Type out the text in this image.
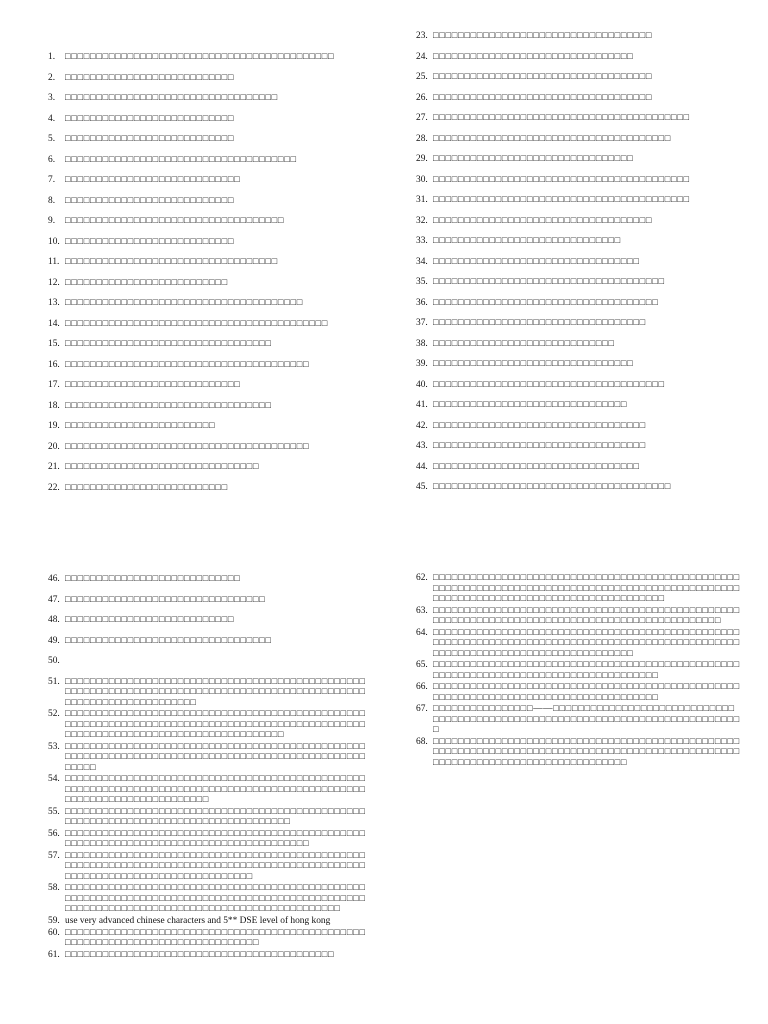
1.	□□□□□□□□□□□□□□□□□□□□□□□□□□□□□□□□□□□□□□□□□□□
2.	□□□□□□□□□□□□□□□□□□□□□□□□□□□
3.	□□□□□□□□□□□□□□□□□□□□□□□□□□□□□□□□□□
4.	□□□□□□□□□□□□□□□□□□□□□□□□□□□
5.	□□□□□□□□□□□□□□□□□□□□□□□□□□□
6.	□□□□□□□□□□□□□□□□□□□□□□□□□□□□□□□□□□□□□
7.	□□□□□□□□□□□□□□□□□□□□□□□□□□□□
8.	□□□□□□□□□□□□□□□□□□□□□□□□□□□
9.	□□□□□□□□□□□□□□□□□□□□□□□□□□□□□□□□□□□
10. □□□□□□□□□□□□□□□□□□□□□□□□□□□
11. □□□□□□□□□□□□□□□□□□□□□□□□□□□□□□□□□□
12. □□□□□□□□□□□□□□□□□□□□□□□□□□
13. □□□□□□□□□□□□□□□□□□□□□□□□□□□□□□□□□□□□□□
14. □□□□□□□□□□□□□□□□□□□□□□□□□□□□□□□□□□□□□□□□□□
15. □□□□□□□□□□□□□□□□□□□□□□□□□□□□□□□□□
16. □□□□□□□□□□□□□□□□□□□□□□□□□□□□□□□□□□□□□□□
17. □□□□□□□□□□□□□□□□□□□□□□□□□□□□
18. □□□□□□□□□□□□□□□□□□□□□□□□□□□□□□□□□
19. □□□□□□□□□□□□□□□□□□□□□□□□
20. □□□□□□□□□□□□□□□□□□□□□□□□□□□□□□□□□□□□□□□
21. □□□□□□□□□□□□□□□□□□□□□□□□□□□□□□□
22. □□□□□□□□□□□□□□□□□□□□□□□□□□
23. □□□□□□□□□□□□□□□□□□□□□□□□□□□□□□□□□□□
24. □□□□□□□□□□□□□□□□□□□□□□□□□□□□□□□□
25. □□□□□□□□□□□□□□□□□□□□□□□□□□□□□□□□□□□
26. □□□□□□□□□□□□□□□□□□□□□□□□□□□□□□□□□□□
27. □□□□□□□□□□□□□□□□□□□□□□□□□□□□□□□□□□□□□□□□□
28. □□□□□□□□□□□□□□□□□□□□□□□□□□□□□□□□□□□□□□
29. □□□□□□□□□□□□□□□□□□□□□□□□□□□□□□□□
30. □□□□□□□□□□□□□□□□□□□□□□□□□□□□□□□□□□□□□□□□□
31. □□□□□□□□□□□□□□□□□□□□□□□□□□□□□□□□□□□□□□□□□
32. □□□□□□□□□□□□□□□□□□□□□□□□□□□□□□□□□□□
33. □□□□□□□□□□□□□□□□□□□□□□□□□□□□□□
34. □□□□□□□□□□□□□□□□□□□□□□□□□□□□□□□□□
35. □□□□□□□□□□□□□□□□□□□□□□□□□□□□□□□□□□□□□
36. □□□□□□□□□□□□□□□□□□□□□□□□□□□□□□□□□□□□
37. □□□□□□□□□□□□□□□□□□□□□□□□□□□□□□□□□□
38. □□□□□□□□□□□□□□□□□□□□□□□□□□□□□
39. □□□□□□□□□□□□□□□□□□□□□□□□□□□□□□□□
40. □□□□□□□□□□□□□□□□□□□□□□□□□□□□□□□□□□□□□
41. □□□□□□□□□□□□□□□□□□□□□□□□□□□□□□□
42. □□□□□□□□□□□□□□□□□□□□□□□□□□□□□□□□□□
43. □□□□□□□□□□□□□□□□□□□□□□□□□□□□□□□□□□
44. □□□□□□□□□□□□□□□□□□□□□□□□□□□□□□□□□
45. □□□□□□□□□□□□□□□□□□□□□□□□□□□□□□□□□□□□□□
46. □□□□□□□□□□□□□□□□□□□□□□□□□□□□
47. □□□□□□□□□□□□□□□□□□□□□□□□□□□□□□□□
48. □□□□□□□□□□□□□□□□□□□□□□□□□□□
49. □□□□□□□□□□□□□□□□□□□□□□□□□□□□□□□□□
50.
51. □□□□□□□□□□□□□□□□□□□□□□□□□□□□□□□□□□□□□□□□□□□□□□□□□□□□□□□□□□□□□□□□□□□□□□□□□□□□□□□□□□□□□□□□□□□□□□□□□□□□□□□□□□□□□□□□□□□□□
52. □□□□□□□□□□□□□□□□□□□□□□□□□□□□□□□□□□□□□□□□□□□□□□□□□□□□□□□□□□□□□□□□□□□□□□□□□□□□□□□□□□□□□□□□□□□□□□□□□□□□□□□□□□□□□□□□□□□□□□□□□□□□□□□□□□□
53. □□□□□□□□□□□□□□□□□□□□□□□□□□□□□□□□□□□□□□□□□□□□□□□□□□□□□□□□□□□□□□□□□□□□□□□□□□□□□□□□□□□□□□□□□□□□□□□□□□□□□
54. □□□□□□□□□□□□□□□□□□□□□□□□□□□□□□□□□□□□□□□□□□□□□□□□□□□□□□□□□□□□□□□□□□□□□□□□□□□□□□□□□□□□□□□□□□□□□□□□□□□□□□□□□□□□□□□□□□□□□□□
55. □□□□□□□□□□□□□□□□□□□□□□□□□□□□□□□□□□□□□□□□□□□□□□□□□□□□□□□□□□□□□□□□□□□□□□□□□□□□□□□□□□□□
56. □□□□□□□□□□□□□□□□□□□□□□□□□□□□□□□□□□□□□□□□□□□□□□□□□□□□□□□□□□□□□□□□□□□□□□□□□□□□□□□□□□□□□□□
57. □□□□□□□□□□□□□□□□□□□□□□□□□□□□□□□□□□□□□□□□□□□□□□□□□□□□□□□□□□□□□□□□□□□□□□□□□□□□□□□□□□□□□□□□□□□□□□□□□□□□□□□□□□□□□□□□□□□□□□□□□□□□□□
58. □□□□□□□□□□□□□□□□□□□□□□□□□□□□□□□□□□□□□□□□□□□□□□□□□□□□□□□□□□□□□□□□□□□□□□□□□□□□□□□□□□□□□□□□□□□□□□□□□□□□□□□□□□□□□□□□□□□□□□□□□□□□□□□□□□□□□□□□□□□□
59. use very advanced chinese characters and 5** DSE level of hong kong
60. □□□□□□□□□□□□□□□□□□□□□□□□□□□□□□□□□□□□□□□□□□□□□□□□□□□□□□□□□□□□□□□□□□□□□□□□□□□□□□□
61. □□□□□□□□□□□□□□□□□□□□□□□□□□□□□□□□□□□□□□□□□□□
62. □□□□□□□□□□□□□□□□□□□□□□□□□□□□□□□□□□□□□□□□□□□□□□□□□□□□□□□□□□□□□□□□□□□□□□□□□□□□□□□□□□□□□□□□□□□□□□□□□□□□□□□□□□□□□□□□□□□□□□□□□□□□□□□□□□□□□□□
63. □□□□□□□□□□□□□□□□□□□□□□□□□□□□□□□□□□□□□□□□□□□□□□□□□□□□□□□□□□□□□□□□□□□□□□□□□□□□□□□□□□□□□□□□□□□□□□□
64. □□□□□□□□□□□□□□□□□□□□□□□□□□□□□□□□□□□□□□□□□□□□□□□□□□□□□□□□□□□□□□□□□□□□□□□□□□□□□□□□□□□□□□□□□□□□□□□□□□□□□□□□□□□□□□□□□□□□□□□□□□□□□□□□□□
65. □□□□□□□□□□□□□□□□□□□□□□□□□□□□□□□□□□□□□□□□□□□□□□□□□□□□□□□□□□□□□□□□□□□□□□□□□□□□□□□□□□□□□
66. □□□□□□□□□□□□□□□□□□□□□□□□□□□□□□□□□□□□□□□□□□□□□□□□□□□□□□□□□□□□□□□□□□□□□□□□□□□□□□□□□□□□□
67. □□□□□□□□□□□□□□□□——□□□□□□□□□□□□□□□□□□□□□□□□□□□□□□□□□□□□□□□□□□□□□□□□□□□□□□□□□□□□□□□□□□□□□□□□□□□□□□□
68. □□□□□□□□□□□□□□□□□□□□□□□□□□□□□□□□□□□□□□□□□□□□□□□□□□□□□□□□□□□□□□□□□□□□□□□□□□□□□□□□□□□□□□□□□□□□□□□□□□□□□□□□□□□□□□□□□□□□□□□□□□□□□□□□□
